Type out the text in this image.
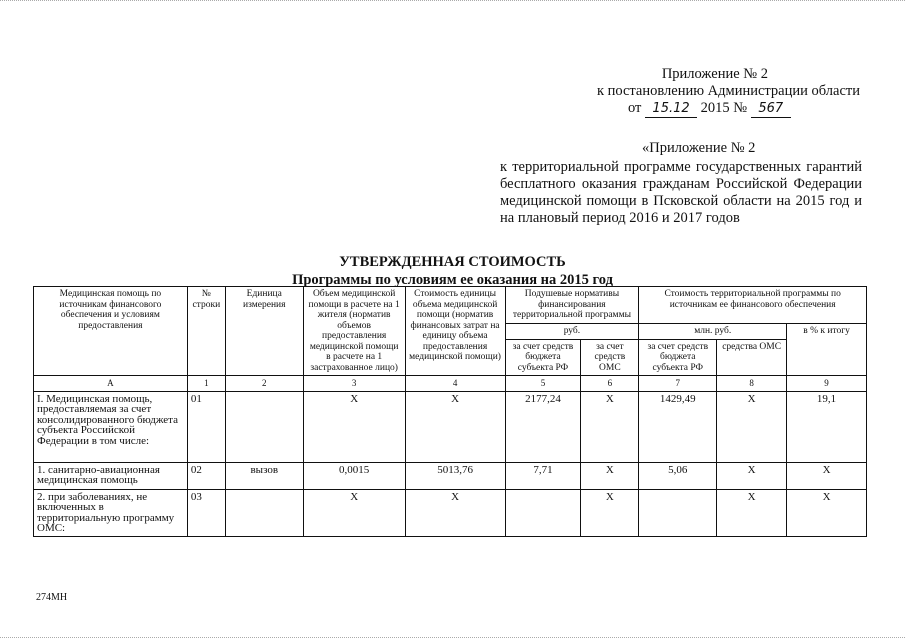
Приложение № 2
к постановлению Администрации области
от 15.12 2015 № 567
«Приложение № 2
к территориальной программе государственных гарантий бесплатного оказания гражданам Российской Федерации медицинской помощи в Псковской области на 2015 год и на плановый период 2016 и 2017 годов
УТВЕРЖДЕННАЯ СТОИМОСТЬ
Программы по условиям ее оказания на 2015 год
Медицинская помощь по источникам финансового обеспечения и условиям предоставления	№ строки	Единица измерения	Объем медицинской помощи в расчете на 1 жителя (норматив объемов предоставления медицинской помощи в расчете на 1 застрахованное лицо)	Стоимость единицы объема медицинской помощи (норматив финансовых затрат на единицу объема предоставления медицинской помощи)	Подушевые нормативы финансирования территориальной программы		Стоимость территориальной программы по источникам ее финансового обеспечения		
					руб.		млн. руб.		в % к итогу
					за счет средств бюджета субъекта РФ	за счет средств ОМС	за счет средств бюджета субъекта РФ	средства ОМС	
А	1	2	3	4	5	6	7	8	9
I. Медицинская помощь, предоставляемая за счет консолидированного бюджета субъекта Российской Федерации в том числе:	01		X	X	2177,24	X	1429,49	X	19,1
1. санитарно-авиационная медицинская помощь	02	вызов	0,0015	5013,76	7,71	X	5,06	X	X
2. при заболеваниях, не включенных в территориальную программу ОМС:	03		X	X		X		X	X
274МН
